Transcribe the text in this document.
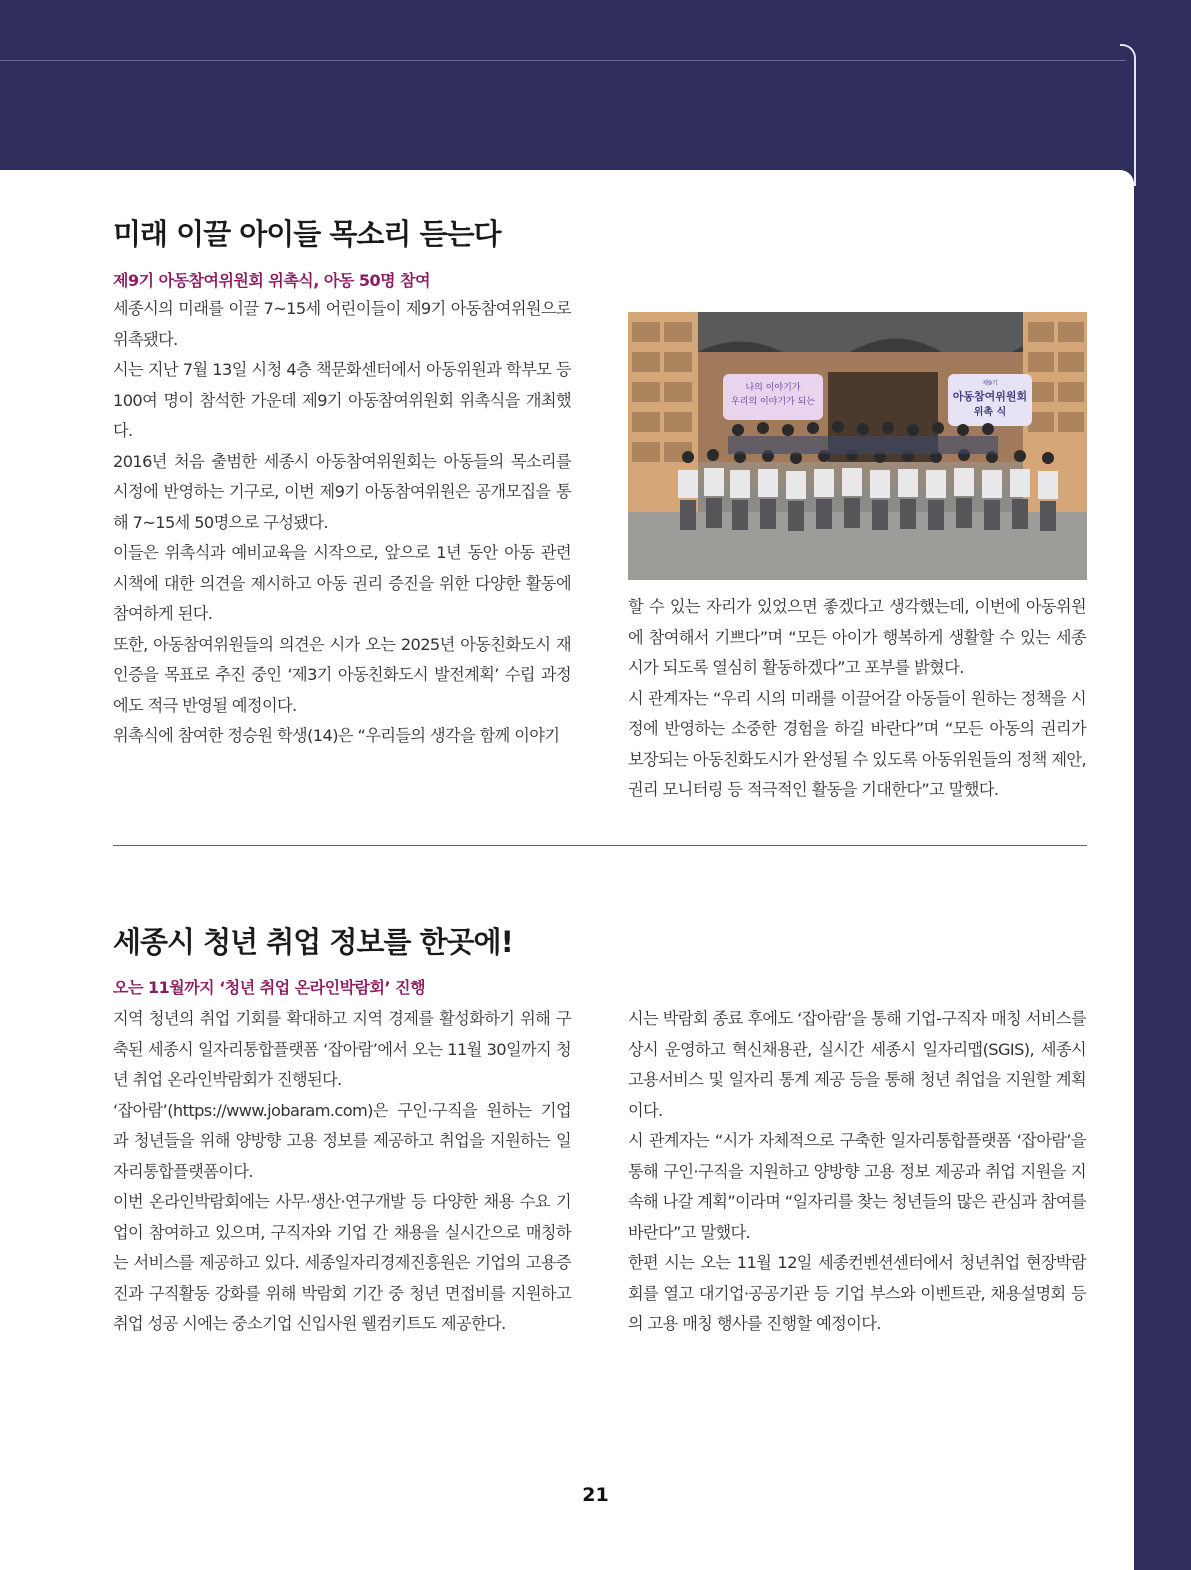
미래 이끌 아이들 목소리 듣는다
제9기 아동참여위원회 위촉식, 아동 50명 참여

세종시의 미래를 이끌 7~15세 어린이들이 제9기 아동참여위원으로 위촉됐다.

시는 지난 7월 13일 시청 4층 책문화센터에서 아동위원과 학부모 등 100여 명이 참석한 가운데 제9기 아동참여위원회 위촉식을 개최했다.

2016년 처음 출범한 세종시 아동참여위원회는 아동들의 목소리를 시정에 반영하는 기구로, 이번 제9기 아동참여위원은 공개모집을 통해 7~15세 50명으로 구성됐다.

이들은 위촉식과 예비교육을 시작으로, 앞으로 1년 동안 아동 관련 시책에 대한 의견을 제시하고 아동 권리 증진을 위한 다양한 활동에 참여하게 된다.

또한, 아동참여위원들의 의견은 시가 오는 2025년 아동친화도시 재인증을 목표로 추진 중인 ‘제3기 아동친화도시 발전계획’ 수립 과정에도 적극 반영될 예정이다.

위촉식에 참여한 정승원 학생(14)은 “우리들의 생각을 함께 이야기

나의 이야기가
우리의 이야기가 되는
제9기
아동참여위원회
위촉 식

할 수 있는 자리가 있었으면 좋겠다고 생각했는데, 이번에 아동위원에 참여해서 기쁘다”며 “모든 아이가 행복하게 생활할 수 있는 세종시가 되도록 열심히 활동하겠다”고 포부를 밝혔다.

시 관계자는 “우리 시의 미래를 이끌어갈 아동들이 원하는 정책을 시정에 반영하는 소중한 경험을 하길 바란다”며 “모든 아동의 권리가 보장되는 아동친화도시가 완성될 수 있도록 아동위원들의 정책 제안, 권리 모니터링 등 적극적인 활동을 기대한다”고 말했다.

세종시 청년 취업 정보를 한곳에!
오는 11월까지 ‘청년 취업 온라인박람회’ 진행

지역 청년의 취업 기회를 확대하고 지역 경제를 활성화하기 위해 구축된 세종시 일자리통합플랫폼 ‘잡아람’에서 오는 11월 30일까지 청년 취업 온라인박람회가 진행된다.

‘잡아람’(https://www.jobaram.com)은 구인·구직을 원하는 기업과 청년들을 위해 양방향 고용 정보를 제공하고 취업을 지원하는 일자리통합플랫폼이다.

이번 온라인박람회에는 사무·생산·연구개발 등 다양한 채용 수요 기업이 참여하고 있으며, 구직자와 기업 간 채용을 실시간으로 매칭하는 서비스를 제공하고 있다. 세종일자리경제진흥원은 기업의 고용증진과 구직활동 강화를 위해 박람회 기간 중 청년 면접비를 지원하고 취업 성공 시에는 중소기업 신입사원 웰컴키트도 제공한다.

시는 박람회 종료 후에도 ‘잡아람’을 통해 기업-구직자 매칭 서비스를 상시 운영하고 혁신채용관, 실시간 세종시 일자리맵(SGIS), 세종시 고용서비스 및 일자리 통계 제공 등을 통해 청년 취업을 지원할 계획이다.

시 관계자는 “시가 자체적으로 구축한 일자리통합플랫폼 ‘잡아람’을 통해 구인·구직을 지원하고 양방향 고용 정보 제공과 취업 지원을 지속해 나갈 계획”이라며 “일자리를 찾는 청년들의 많은 관심과 참여를 바란다”고 말했다.

한편 시는 오는 11월 12일 세종컨벤션센터에서 청년취업 현장박람회를 열고 대기업·공공기관 등 기업 부스와 이벤트관, 채용설명회 등의 고용 매칭 행사를 진행할 예정이다.

21
